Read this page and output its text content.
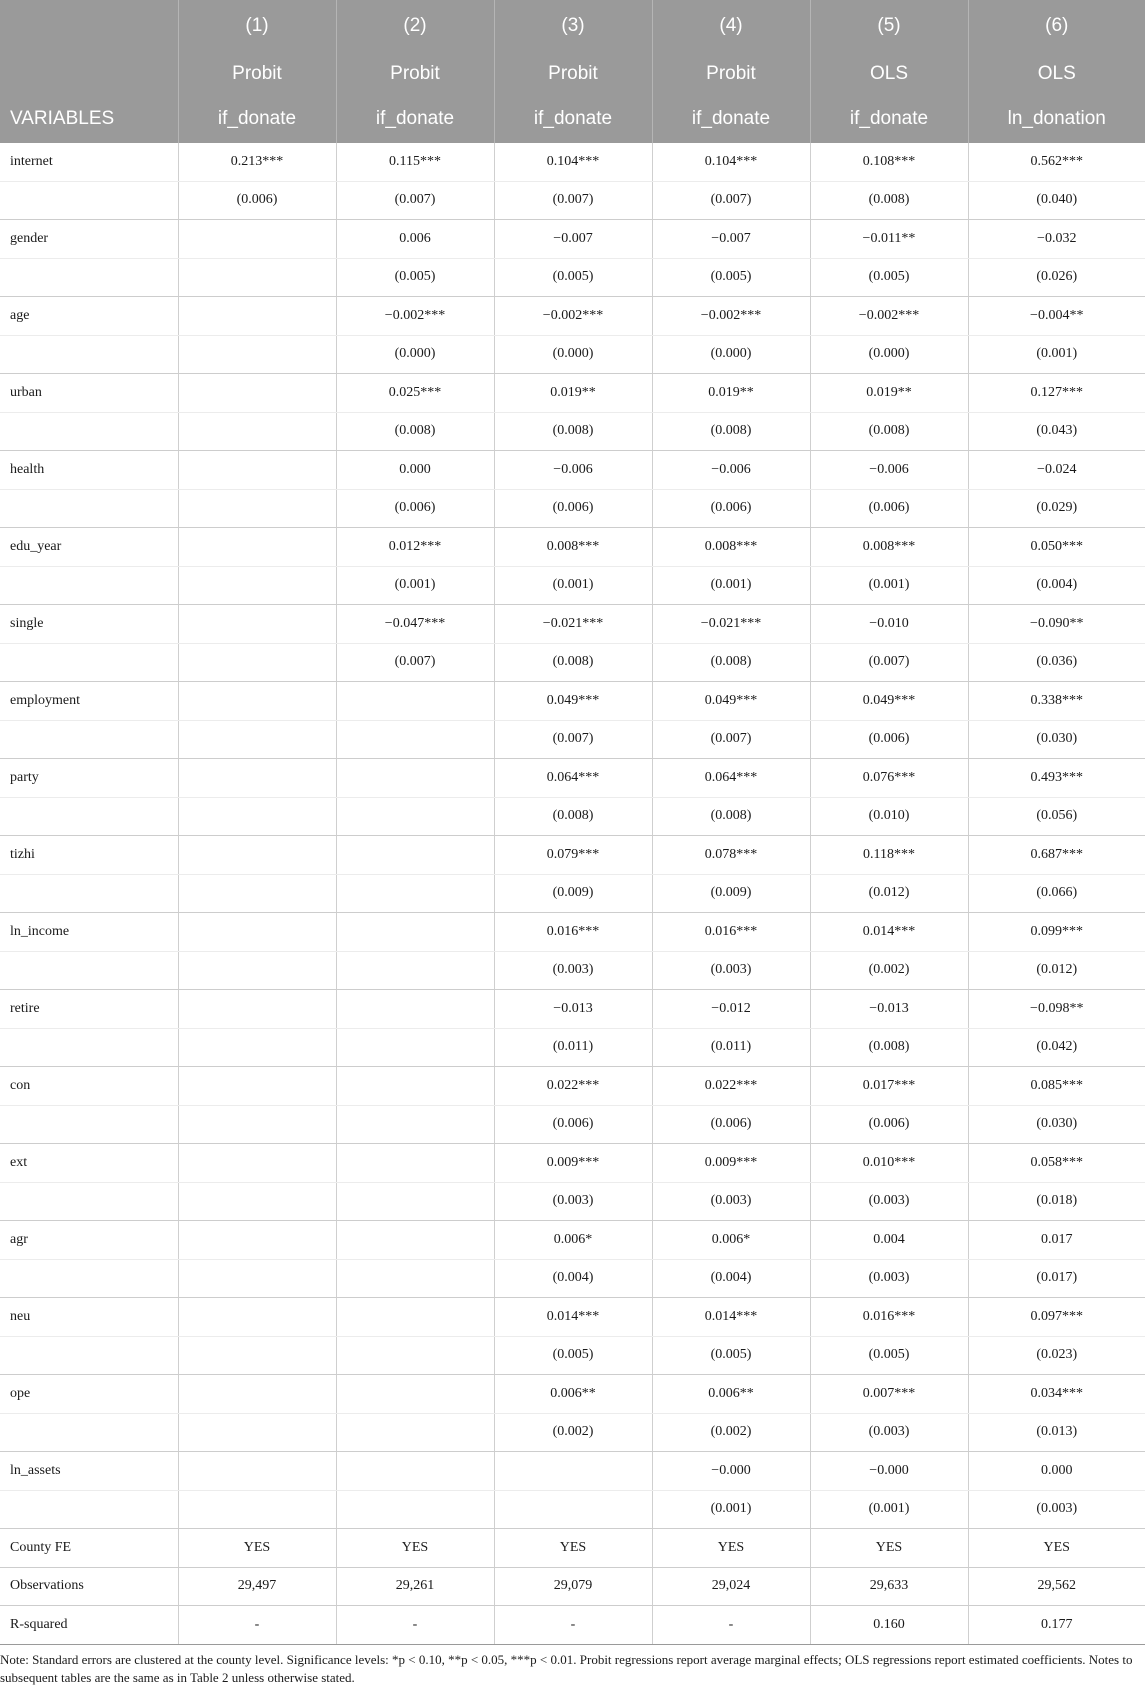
	(1)	(2)	(3)	(4)	(5)	(6)
	Probit	Probit	Probit	Probit	OLS	OLS
VARIABLES	if_donate	if_donate	if_donate	if_donate	if_donate	ln_donation
internet	0.213***	0.115***	0.104***	0.104***	0.108***	0.562***
	(0.006)	(0.007)	(0.007)	(0.007)	(0.008)	(0.040)
gender		0.006	−0.007	−0.007	−0.011**	−0.032
		(0.005)	(0.005)	(0.005)	(0.005)	(0.026)
age		−0.002***	−0.002***	−0.002***	−0.002***	−0.004**
		(0.000)	(0.000)	(0.000)	(0.000)	(0.001)
urban		0.025***	0.019**	0.019**	0.019**	0.127***
		(0.008)	(0.008)	(0.008)	(0.008)	(0.043)
health		0.000	−0.006	−0.006	−0.006	−0.024
		(0.006)	(0.006)	(0.006)	(0.006)	(0.029)
edu_year		0.012***	0.008***	0.008***	0.008***	0.050***
		(0.001)	(0.001)	(0.001)	(0.001)	(0.004)
single		−0.047***	−0.021***	−0.021***	−0.010	−0.090**
		(0.007)	(0.008)	(0.008)	(0.007)	(0.036)
employment			0.049***	0.049***	0.049***	0.338***
			(0.007)	(0.007)	(0.006)	(0.030)
party			0.064***	0.064***	0.076***	0.493***
			(0.008)	(0.008)	(0.010)	(0.056)
tizhi			0.079***	0.078***	0.118***	0.687***
			(0.009)	(0.009)	(0.012)	(0.066)
ln_income			0.016***	0.016***	0.014***	0.099***
			(0.003)	(0.003)	(0.002)	(0.012)
retire			−0.013	−0.012	−0.013	−0.098**
			(0.011)	(0.011)	(0.008)	(0.042)
con			0.022***	0.022***	0.017***	0.085***
			(0.006)	(0.006)	(0.006)	(0.030)
ext			0.009***	0.009***	0.010***	0.058***
			(0.003)	(0.003)	(0.003)	(0.018)
agr			0.006*	0.006*	0.004	0.017
			(0.004)	(0.004)	(0.003)	(0.017)
neu			0.014***	0.014***	0.016***	0.097***
			(0.005)	(0.005)	(0.005)	(0.023)
ope			0.006**	0.006**	0.007***	0.034***
			(0.002)	(0.002)	(0.003)	(0.013)
ln_assets				−0.000	−0.000	0.000
				(0.001)	(0.001)	(0.003)
County FE	YES	YES	YES	YES	YES	YES
Observations	29,497	29,261	29,079	29,024	29,633	29,562
R-squared	-	-	-	-	0.160	0.177
Note: Standard errors are clustered at the county level. Significance levels: *p < 0.10, **p < 0.05, ***p < 0.01. Probit regressions report average marginal effects; OLS regressions report estimated coefficients. Notes to subsequent tables are the same as in Table 2 unless otherwise stated.
